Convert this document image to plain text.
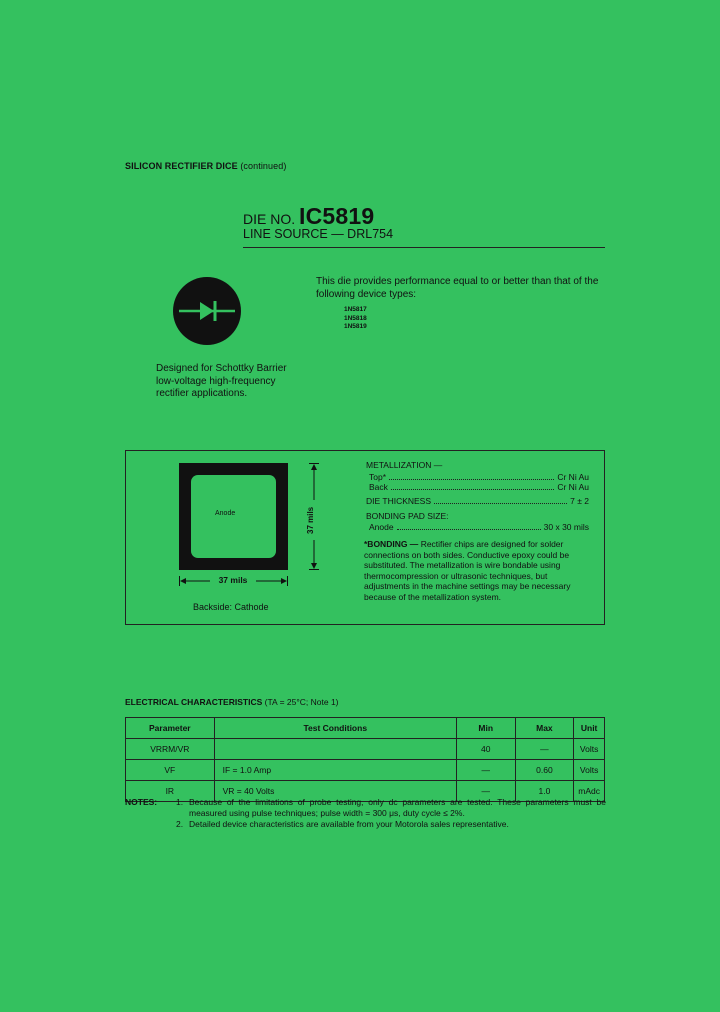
SILICON RECTIFIER DICE (continued)
DIE NO. IC5819
LINE SOURCE — DRL754
This die provides performance equal to or better than that of the following device types:
1N5817
1N5818
1N5819
Designed for Schottky Barrier low-voltage high-frequency rectifier applications.
Anode	37 mils
37 mils
Backside: Cathode
METALLIZATION —
Top*	Cr Ni Au
Back	Cr Ni Au
DIE THICKNESS	7 ± 2
BONDING PAD SIZE:
Anode	30 x 30 mils
*BONDING — Rectifier chips are designed for solder connections on both sides. Conductive epoxy could be substituted. The metallization is wire bondable using thermocompression or ultrasonic techniques, but adjustments in the machine settings may be necessary because of the metallization system.
ELECTRICAL CHARACTERISTICS (TA = 25°C; Note 1)
Parameter	Test Conditions	Min	Max	Unit
VRRM/VR		40	—	Volts
VF	IF = 1.0 Amp	—	0.60	Volts
IR	VR = 40 Volts	—	1.0	mAdc
NOTES: 1. Because of the limitations of probe testing, only dc parameters are tested. These parameters must be measured using pulse techniques; pulse width = 300 μs, duty cycle ≤ 2%.
2. Detailed device characteristics are available from your Motorola sales representative.
